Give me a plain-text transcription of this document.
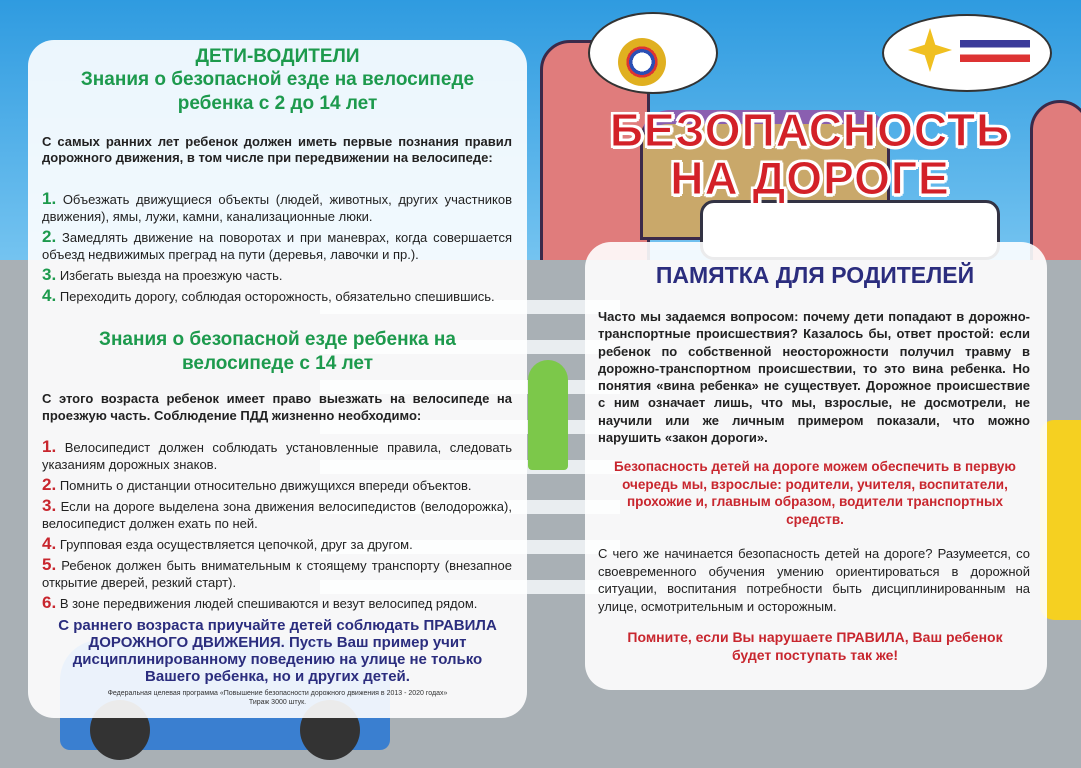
БЕЗОПАСНОСТЬ
НА ДОРОГЕ
ДЕТИ-ВОДИТЕЛИ
Знания о безопасной езде на велосипеде ребенка с 2 до 14 лет
С самых ранних лет ребенок должен иметь первые познания правил дорожного движения, в том числе при передвижении на велосипеде:
1. Объезжать движущиеся объекты (людей, животных, других участников движения), ямы, лужи, камни, канализационные люки.
2. Замедлять движение на поворотах и при маневрах, когда совершается объезд недвижимых преград на пути (деревья, лавочки и пр.).
3. Избегать выезда на проезжую часть.
4. Переходить дорогу, соблюдая осторожность, обязательно спешившись.
Знания о безопасной езде ребенка на велосипеде с 14 лет
С этого возраста ребенок имеет право выезжать на велосипеде на проезжую часть. Соблюдение ПДД жизненно необходимо:
1. Велосипедист должен соблюдать установленные правила, следовать указаниям дорожных знаков.
2. Помнить о дистанции относительно движущихся впереди объектов.
3. Если на дороге выделена зона движения велосипедистов (велодорожка), велосипедист должен ехать по ней.
4. Групповая езда осуществляется цепочкой, друг за другом.
5. Ребенок должен быть внимательным к стоящему транспорту (внезапное открытие дверей, резкий старт).
6. В зоне передвижения людей спешиваются и везут велосипед рядом.
С раннего возраста приучайте детей соблюдать ПРАВИЛА ДОРОЖНОГО ДВИЖЕНИЯ. Пусть Ваш пример учит дисциплинированному поведению на улице не только Вашего ребенка, но и других детей.
Федеральная целевая программа «Повышение безопасности дорожного движения в 2013 - 2020 годах»
Тираж 3000 штук.
ПАМЯТКА ДЛЯ РОДИТЕЛЕЙ
Часто мы задаемся вопросом: почему дети попадают в дорожно-транспортные происшествия? Казалось бы, ответ простой: если ребенок по собственной неосторожности получил травму в дорожно-транспортном происшествии, то это вина ребенка. Но понятия «вина ребенка» не существует. Дорожное происшествие с ним означает лишь, что мы, взрослые, не досмотрели, не научили или же личным примером показали, что можно нарушить «закон дороги».
Безопасность детей на дороге можем обеспечить в первую очередь мы, взрослые: родители, учителя, воспитатели, прохожие и, главным образом, водители транспортных средств.
С чего же начинается безопасность детей на дороге? Разумеется, со своевременного обучения умению ориентироваться в дорожной ситуации, воспитания потребности быть дисциплинированным на улице, осмотрительным и осторожным.
Помните, если Вы нарушаете ПРАВИЛА, Ваш ребенок будет поступать так же!
